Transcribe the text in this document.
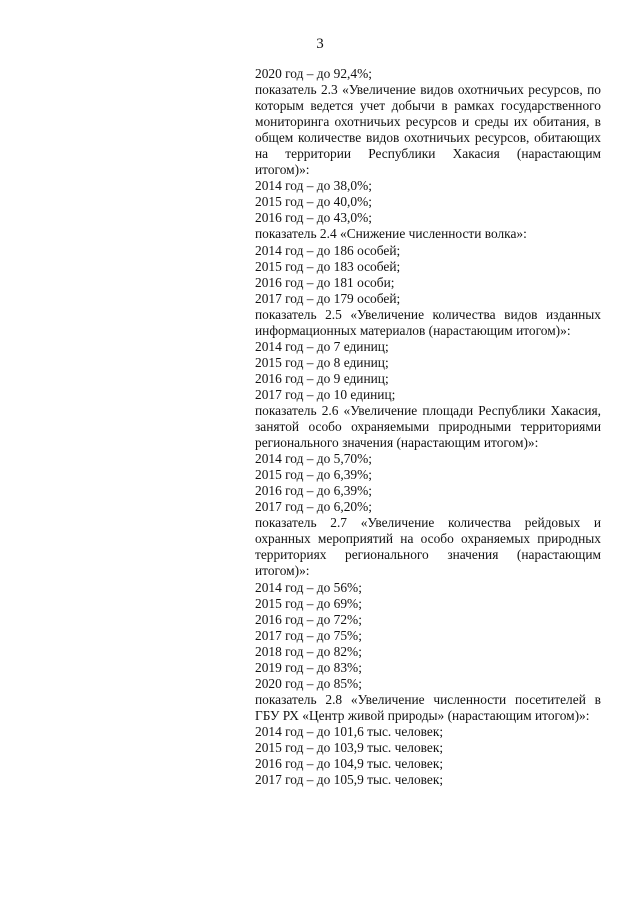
3
2020 год – до 92,4%;
показатель 2.3 «Увеличение видов охотничьих ресурсов, по которым ведется учет добычи в рамках государственного мониторинга охотничьих ресурсов и среды их обитания, в общем количестве видов охотничьих ресурсов, обитающих на территории Республики Хакасия (нарастающим итогом)»:
2014 год – до 38,0%;
2015 год – до 40,0%;
2016 год – до 43,0%;
показатель 2.4 «Снижение численности волка»:
2014 год – до 186 особей;
2015 год – до 183 особей;
2016 год – до 181 особи;
2017 год – до 179 особей;
показатель 2.5 «Увеличение количества видов изданных информационных материалов (нарастающим итогом)»:
2014 год – до 7 единиц;
2015 год – до 8 единиц;
2016 год – до 9 единиц;
2017 год – до 10 единиц;
показатель 2.6 «Увеличение площади Республики Хакасия, занятой особо охраняемыми природными территориями регионального значения (нарастающим итогом)»:
2014 год – до 5,70%;
2015 год – до 6,39%;
2016 год – до 6,39%;
2017 год – до 6,20%;
показатель 2.7 «Увеличение количества рейдовых и охранных мероприятий на особо охраняемых природных территориях регионального значения (нарастающим итогом)»:
2014 год – до 56%;
2015 год – до 69%;
2016 год – до 72%;
2017 год – до 75%;
2018 год – до 82%;
2019 год – до 83%;
2020 год – до 85%;
показатель 2.8 «Увеличение численности посетителей в ГБУ РХ «Центр живой природы» (нарастающим итогом)»:
2014 год – до 101,6 тыс. человек;
2015 год – до 103,9 тыс. человек;
2016 год – до 104,9 тыс. человек;
2017 год – до 105,9 тыс. человек;
